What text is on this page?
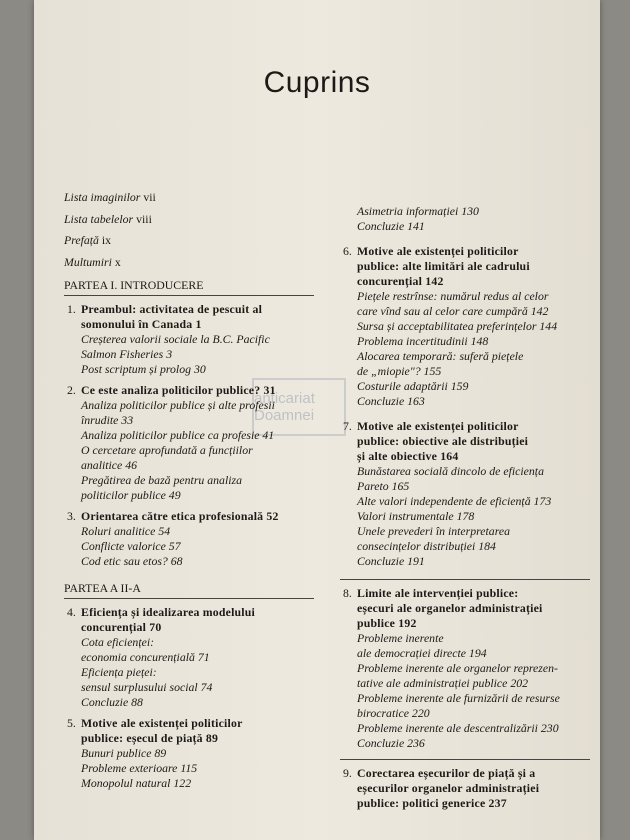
Cuprins
anticariat Doamnei
Lista imaginilor vii
Lista tabelelor viii
Prefață ix
Multumiri x
PARTEA I. INTRODUCERE
1. Preambul: activitatea de pescuit al
somonului în Canada 1
Creșterea valorii sociale la B.C. Pacific
Salmon Fisheries 3
Post scriptum și prolog 30
2. Ce este analiza politicilor publice? 31
Analiza politicilor publice și alte profesii
înrudite 33
Analiza politicilor publice ca profesie 41
O cercetare aprofundată a funcțiilor
analitice 46
Pregătirea de bază pentru analiza
politicilor publice 49
3. Orientarea către etica profesională 52
Roluri analitice 54
Conflicte valorice 57
Cod etic sau etos? 68
PARTEA A II-A
4. Eficiența și idealizarea modelului
concurențial 70
Cota eficienței:
economia concurențială 71
Eficiența pieței:
sensul surplusului social 74
Concluzie 88
5. Motive ale existenței politicilor
publice: eșecul de piață 89
Bunuri publice 89
Probleme exterioare 115
Monopolul natural 122
Asimetria informației 130
Concluzie 141
6. Motive ale existenței politicilor
publice: alte limitări ale cadrului
concurențial 142
Piețele restrînse: numărul redus al celor
care vînd sau al celor care cumpără 142
Sursa și acceptabilitatea preferințelor 144
Problema incertitudinii 148
Alocarea temporară: suferă piețele
de „miopie"? 155
Costurile adaptării 159
Concluzie 163
7. Motive ale existenței politicilor
publice: obiective ale distribuției
și alte obiective 164
Bunăstarea socială dincolo de eficiența
Pareto 165
Alte valori independente de eficiență 173
Valori instrumentale 178
Unele prevederi în interpretarea
consecințelor distribuției 184
Concluzie 191
8. Limite ale intervenției publice:
eșecuri ale organelor administrației
publice 192
Probleme inerente
ale democrației directe 194
Probleme inerente ale organelor reprezen-
tative ale administrației publice 202
Probleme inerente ale furnizării de resurse
birocratice 220
Probleme inerente ale descentralizării 230
Concluzie 236
9. Corectarea eșecurilor de piață și a
eșecurilor organelor administrației
publice: politici generice 237
